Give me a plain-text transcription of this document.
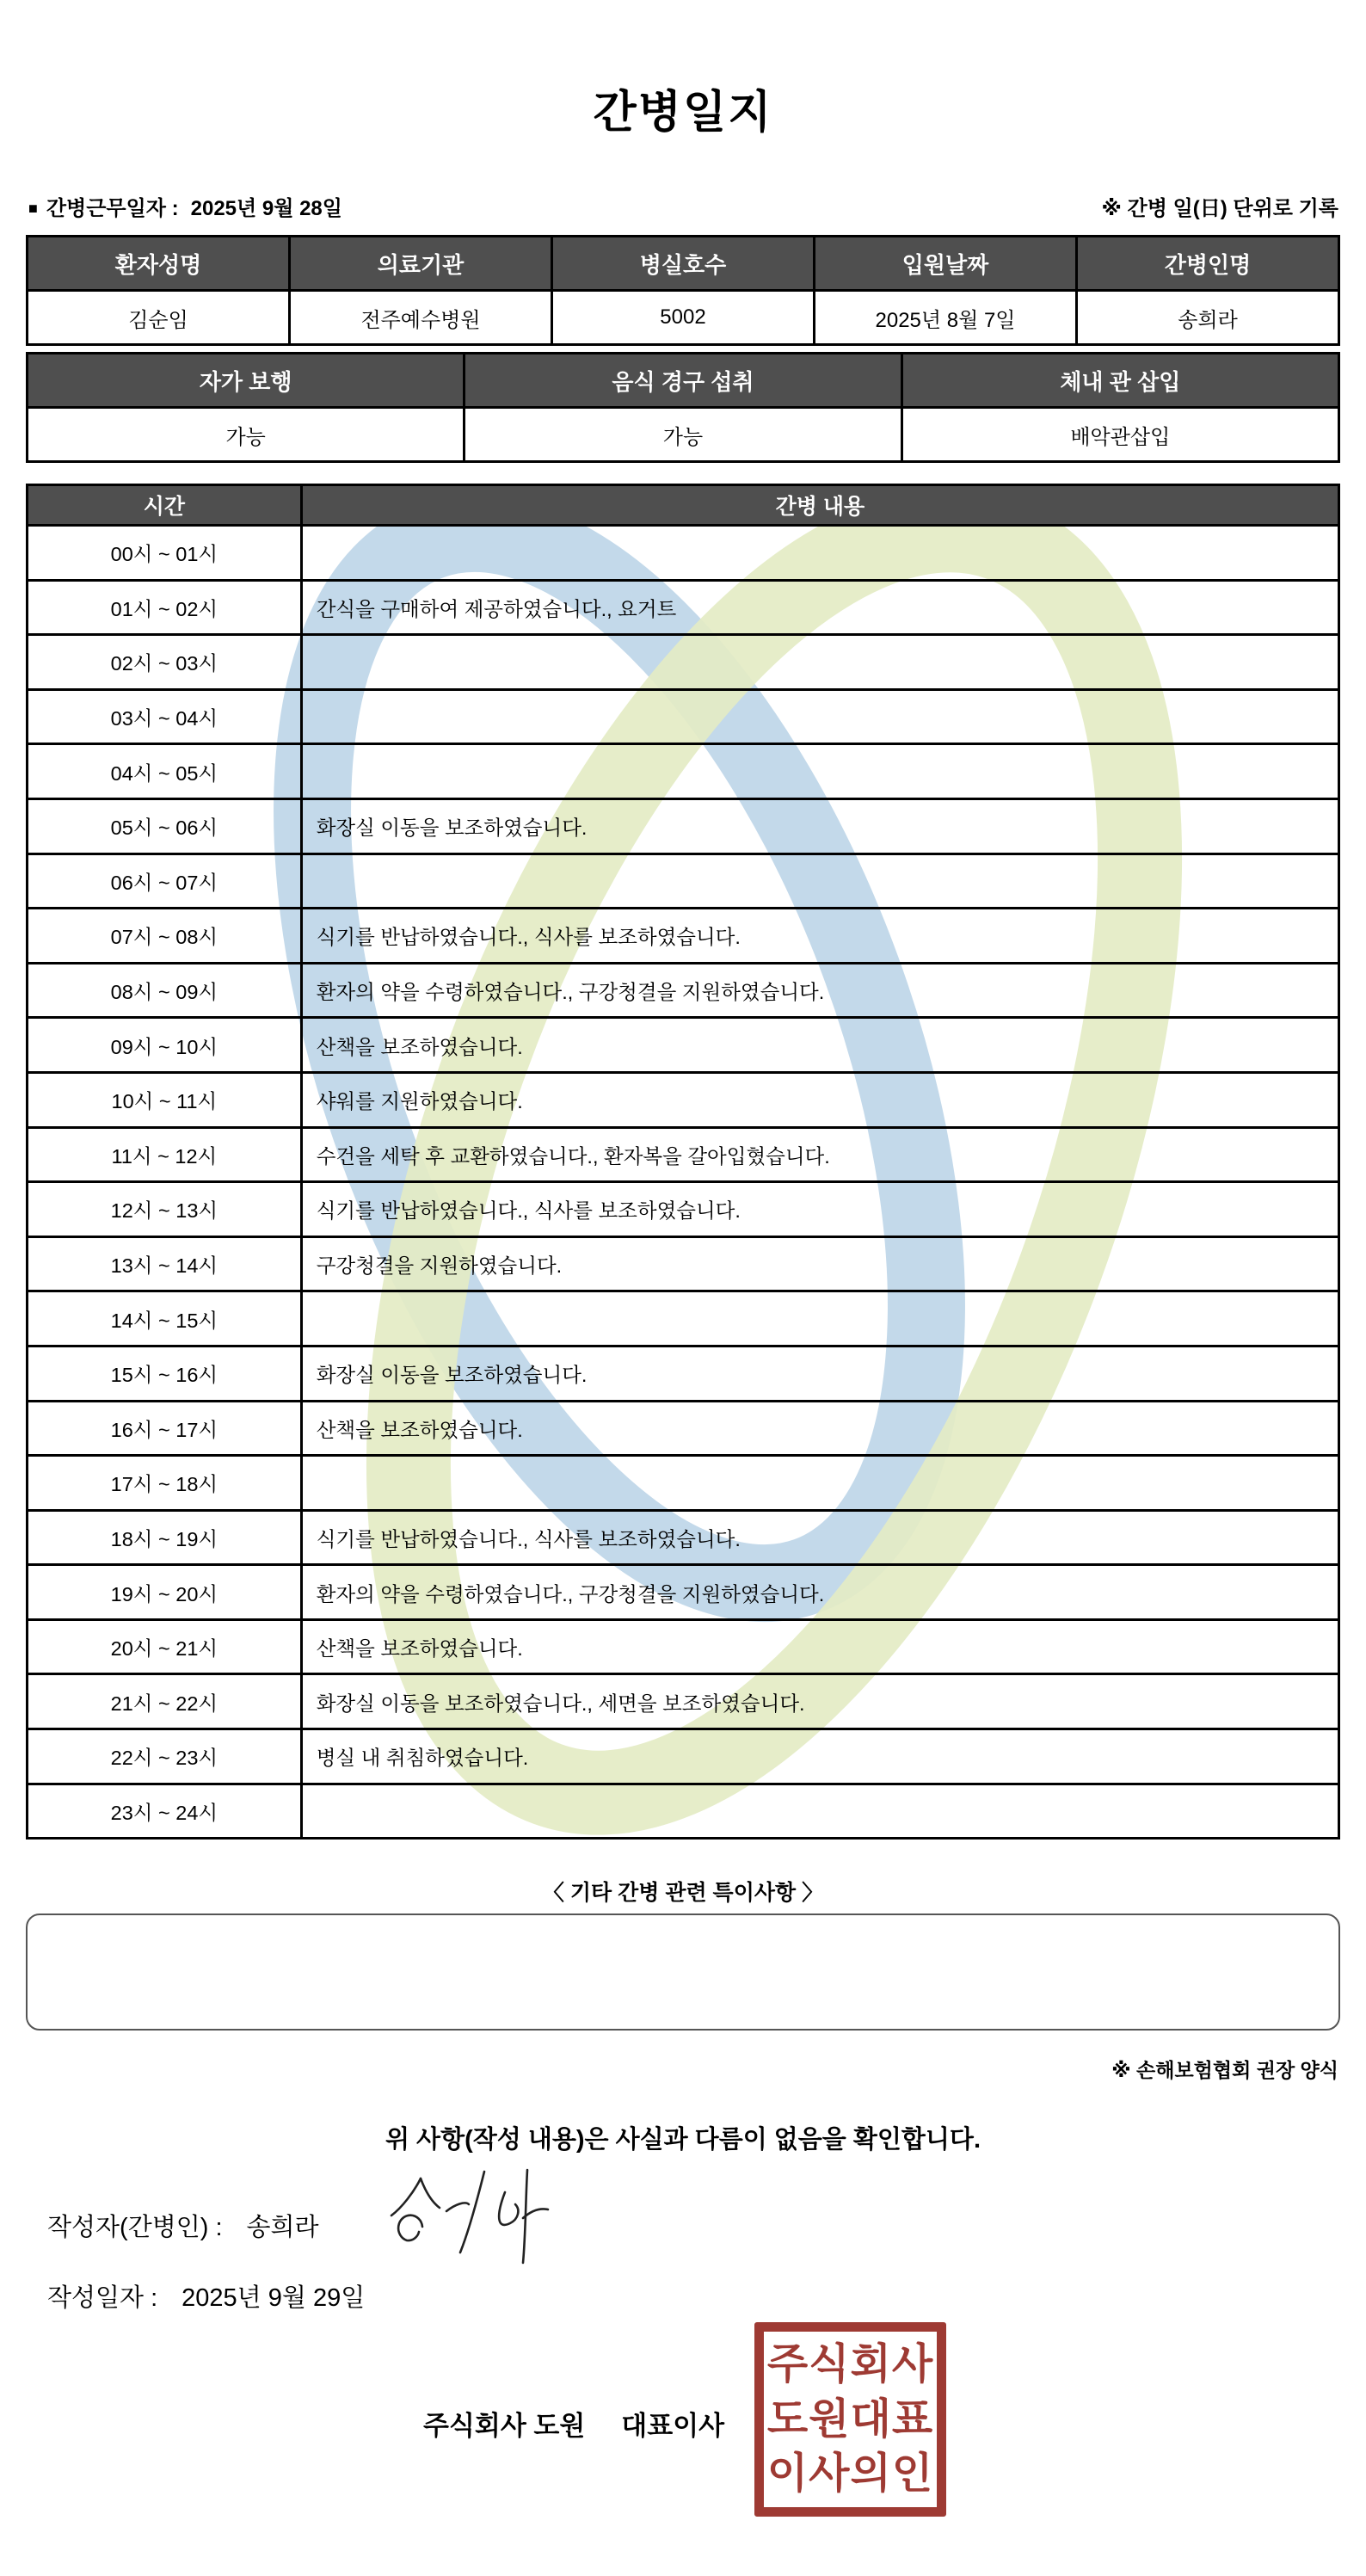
간병일지
■ 간병근무일자 : 2025년 9월 28일	※ 간병 일(日) 단위로 기록
환자성명	의료기관	병실호수	입원날짜	간병인명
김순임	전주예수병원	5002	2025년 8월 7일	송희라
자가 보행	음식 경구 섭취	체내 관 삽입
가능	가능	배악관삽입
시간	간병 내용
00시 ~ 01시	
01시 ~ 02시	간식을 구매하여 제공하였습니다., 요거트
02시 ~ 03시	
03시 ~ 04시	
04시 ~ 05시	
05시 ~ 06시	화장실 이동을 보조하였습니다.
06시 ~ 07시	
07시 ~ 08시	식기를 반납하였습니다., 식사를 보조하였습니다.
08시 ~ 09시	환자의 약을 수령하였습니다., 구강청결을 지원하였습니다.
09시 ~ 10시	산책을 보조하였습니다.
10시 ~ 11시	샤워를 지원하였습니다.
11시 ~ 12시	수건을 세탁 후 교환하였습니다., 환자복을 갈아입혔습니다.
12시 ~ 13시	식기를 반납하였습니다., 식사를 보조하였습니다.
13시 ~ 14시	구강청결을 지원하였습니다.
14시 ~ 15시	
15시 ~ 16시	화장실 이동을 보조하였습니다.
16시 ~ 17시	산책을 보조하였습니다.
17시 ~ 18시	
18시 ~ 19시	식기를 반납하였습니다., 식사를 보조하였습니다.
19시 ~ 20시	환자의 약을 수령하였습니다., 구강청결을 지원하였습니다.
20시 ~ 21시	산책을 보조하였습니다.
21시 ~ 22시	화장실 이동을 보조하였습니다., 세면을 보조하였습니다.
22시 ~ 23시	병실 내 취침하였습니다.
23시 ~ 24시	
〈 기타 간병 관련 특이사항 〉
※ 손해보험협회 권장 양식
위 사항(작성 내용)은 사실과 다름이 없음을 확인합니다.
작성자(간병인) : 송희라
작성일자 : 2025년 9월 29일
주식회사 도원 대표이사
주식회사
도원대표
이사의인
